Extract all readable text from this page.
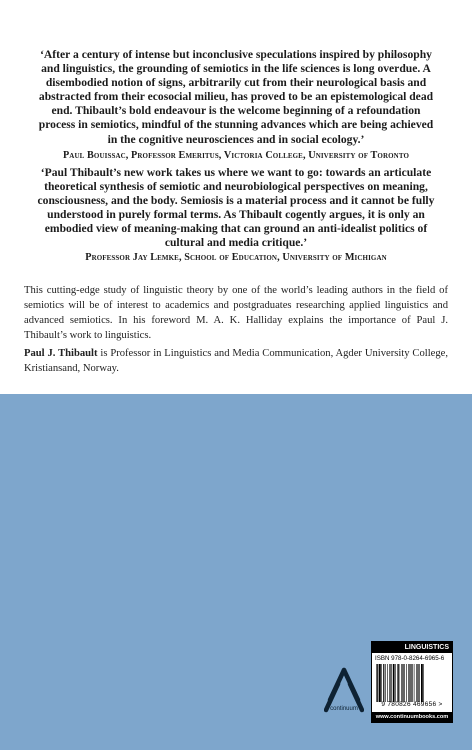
‘After a century of intense but inconclusive speculations inspired by philosophy and linguistics, the grounding of semiotics in the life sciences is long overdue. A disembodied notion of signs, arbitrarily cut from their neurological basis and abstracted from their ecosocial milieu, has proved to be an epistemological dead end. Thibault’s bold endeavour is the welcome beginning of a refoundation process in semiotics, mindful of the stunning advances which are being achieved in the cognitive neurosciences and in social ecology.’
Paul Bouissac, Professor Emeritus, Victoria College, University of Toronto
‘Paul Thibault’s new work takes us where we want to go: towards an articulate theoretical synthesis of semiotic and neurobiological perspectives on meaning, consciousness, and the body. Semiosis is a material process and it cannot be fully understood in purely formal terms. As Thibault cogently argues, it is only an embodied view of meaning-making that can ground an anti-idealist politics of cultural and media critique.’
Professor Jay Lemke, School of Education, University of Michigan
This cutting-edge study of linguistic theory by one of the world’s leading authors in the field of semiotics will be of interest to academics and postgraduates researching applied linguistics and advanced semiotics. In his foreword M. A. K. Halliday explains the importance of Paul J. Thibault’s work to linguistics.
Paul J. Thibault is Professor in Linguistics and Media Communication, Agder University College, Kristiansand, Norway.
continuum
LINGUISTICS
ISBN 978-0-8264-6965-6
9 780826 469656 >
www.continuumbooks.com
